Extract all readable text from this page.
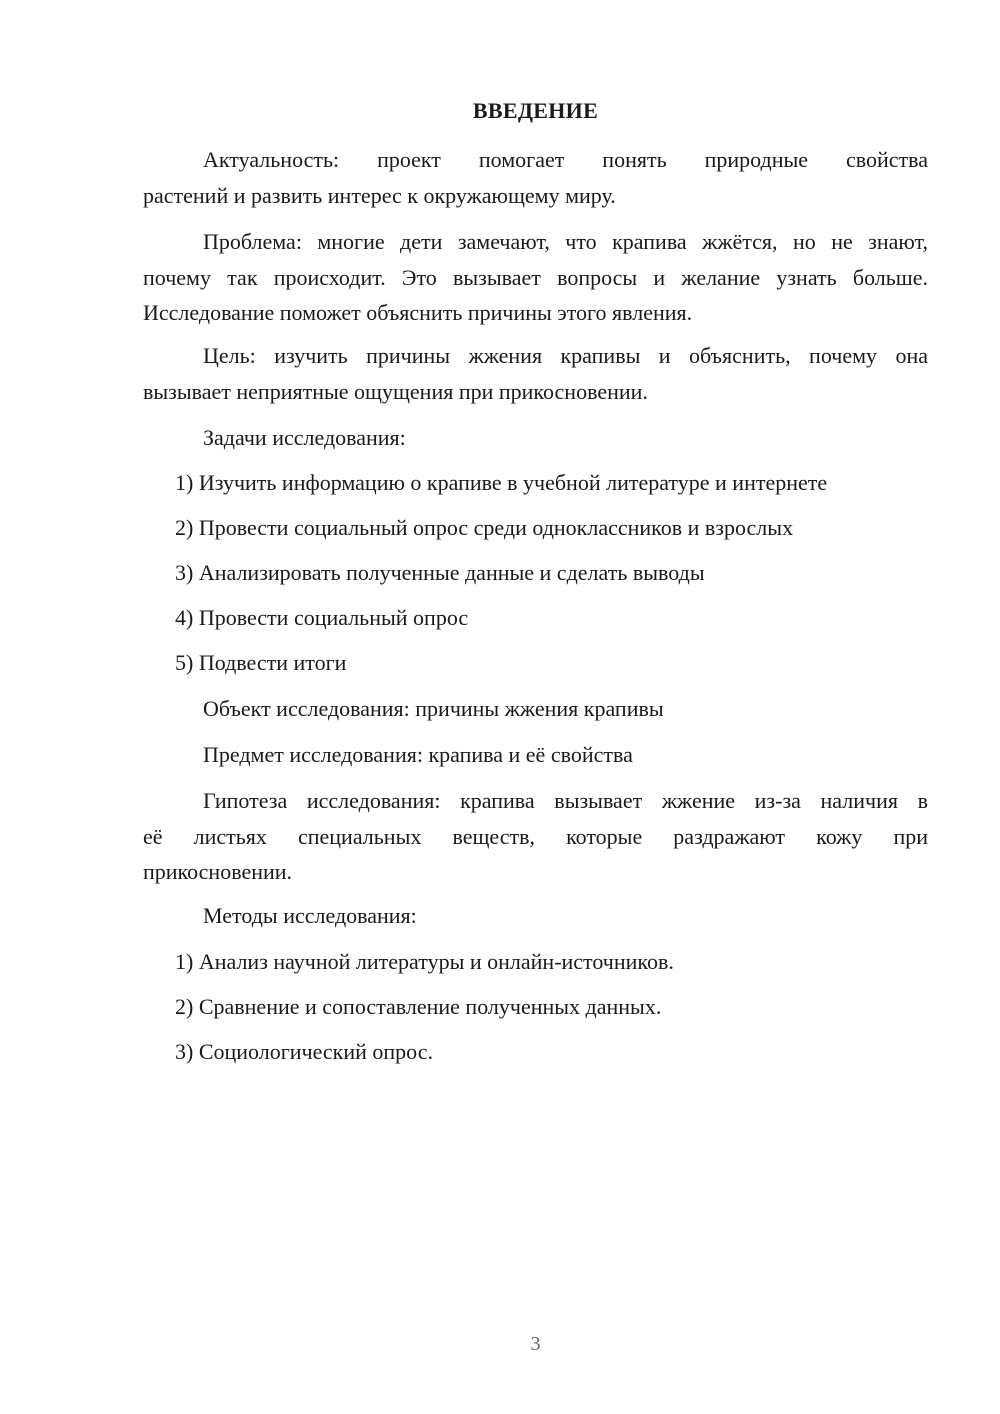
ВВЕДЕНИЕ
Актуальность: проект помогает понять природные свойства
растений и развить интерес к окружающему миру.
Проблема: многие дети замечают, что крапива жжётся, но не знают,
почему так происходит. Это вызывает вопросы и желание узнать больше.
Исследование поможет объяснить причины этого явления.
Цель: изучить причины жжения крапивы и объяснить, почему она
вызывает неприятные ощущения при прикосновении.
Задачи исследования:
1) Изучить информацию о крапиве в учебной литературе и интернете
2) Провести социальный опрос среди одноклассников и взрослых
3) Анализировать полученные данные и сделать выводы
4) Провести социальный опрос
5) Подвести итоги
Объект исследования: причины жжения крапивы
Предмет исследования: крапива и её свойства
Гипотеза исследования: крапива вызывает жжение из-за наличия в
её листьях специальных веществ, которые раздражают кожу при
прикосновении.
Методы исследования:
1) Анализ научной литературы и онлайн-источников.
2) Сравнение и сопоставление полученных данных.
3) Социологический опрос.
3
